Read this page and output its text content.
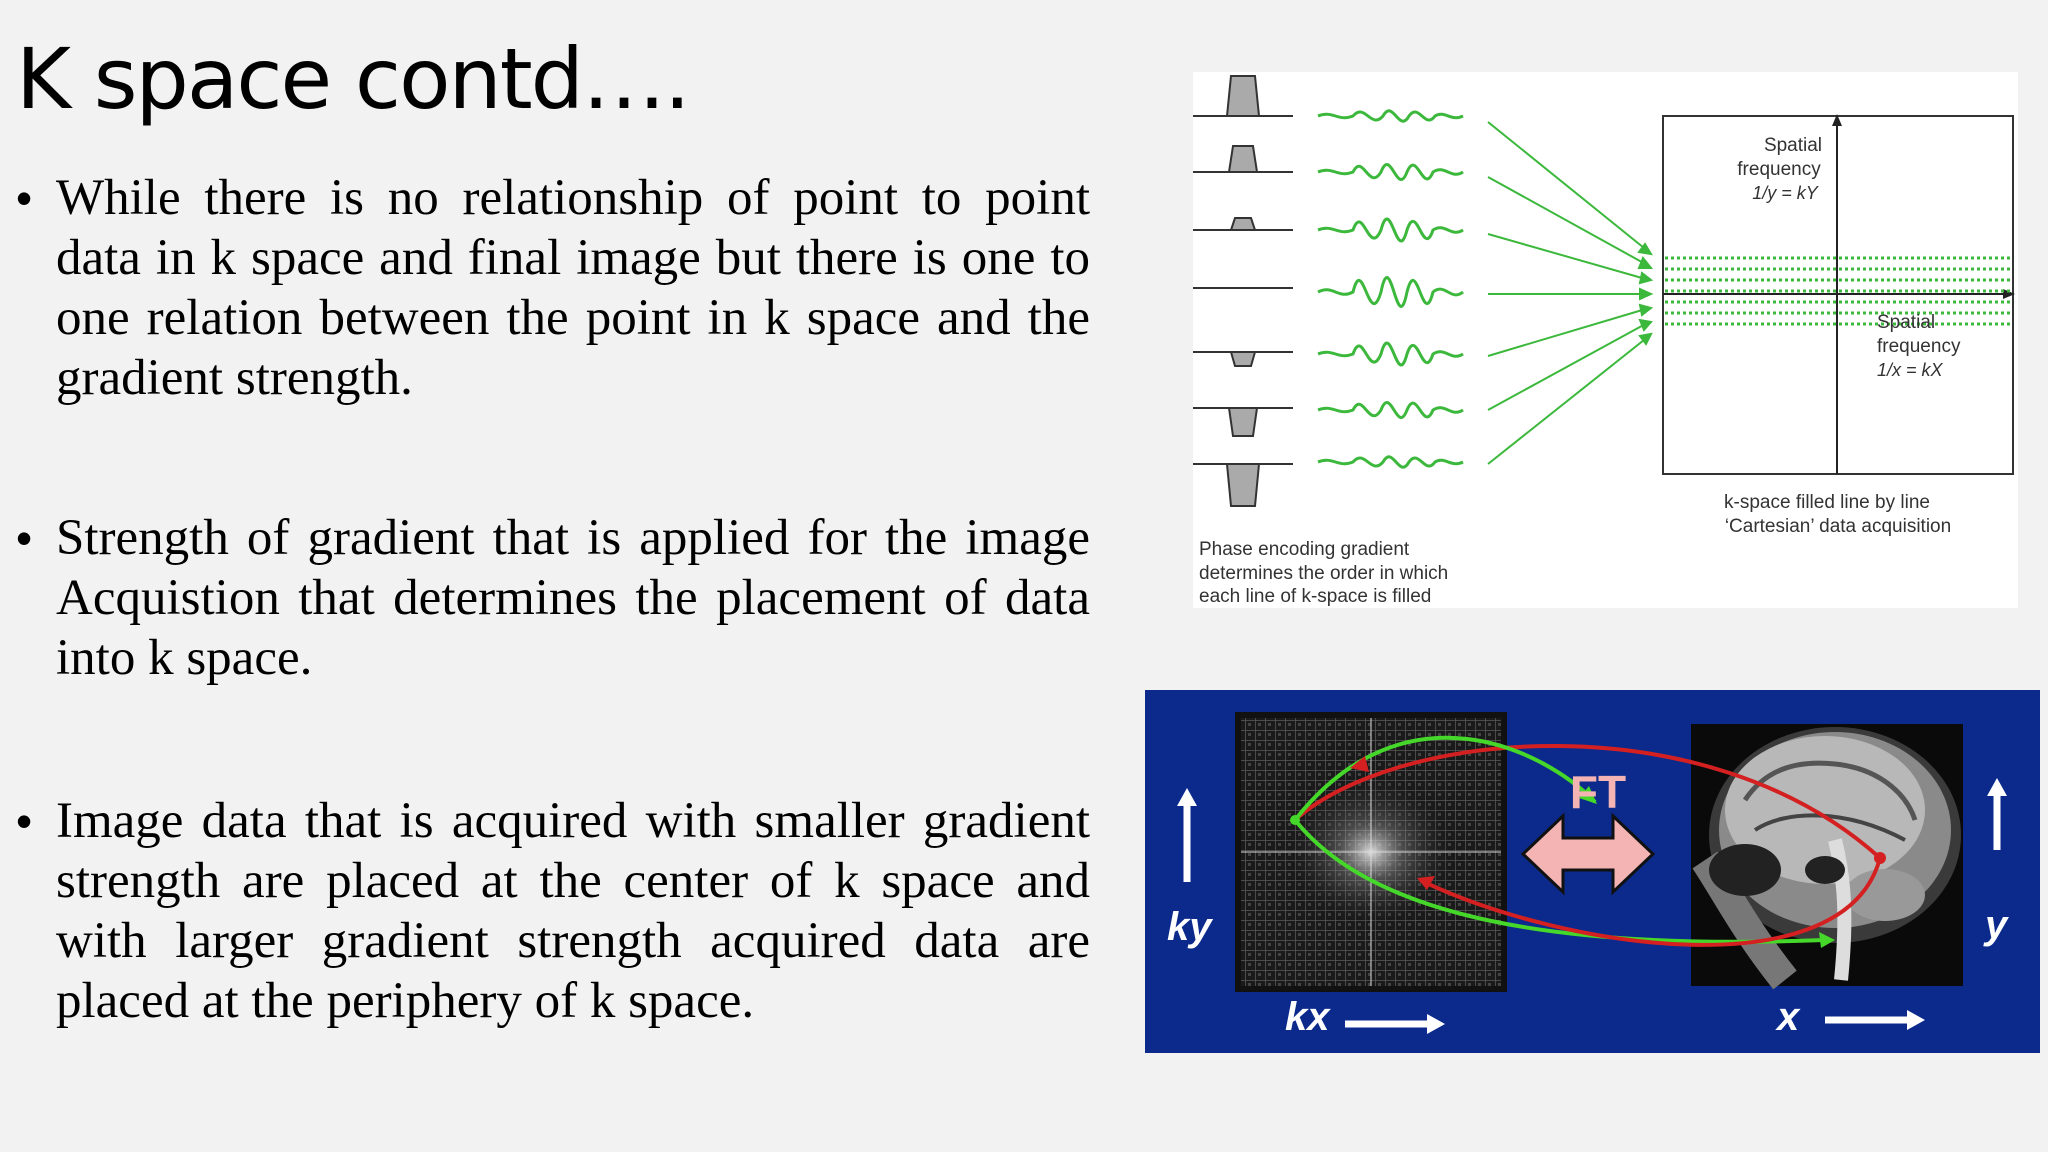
K space contd….
• While there is no relationship of point to point data in k space and final image but there is one to one relation between the point in k space and the gradient strength.
• Strength of gradient that is applied for the image Acquistion that determines the placement of data into k space.
• Image data that is acquired with smaller gradient strength are placed at the center of k space and with larger gradient strength acquired data are placed at the periphery of k space.
Spatial
frequency
1/y = kY
Spatial
frequency
1/x = kX
k-space filled line by line
‘Cartesian’ data acquisition
Phase encoding gradient
determines the order in which
each line of k-space is filled
FT
ky	y
kx	x
